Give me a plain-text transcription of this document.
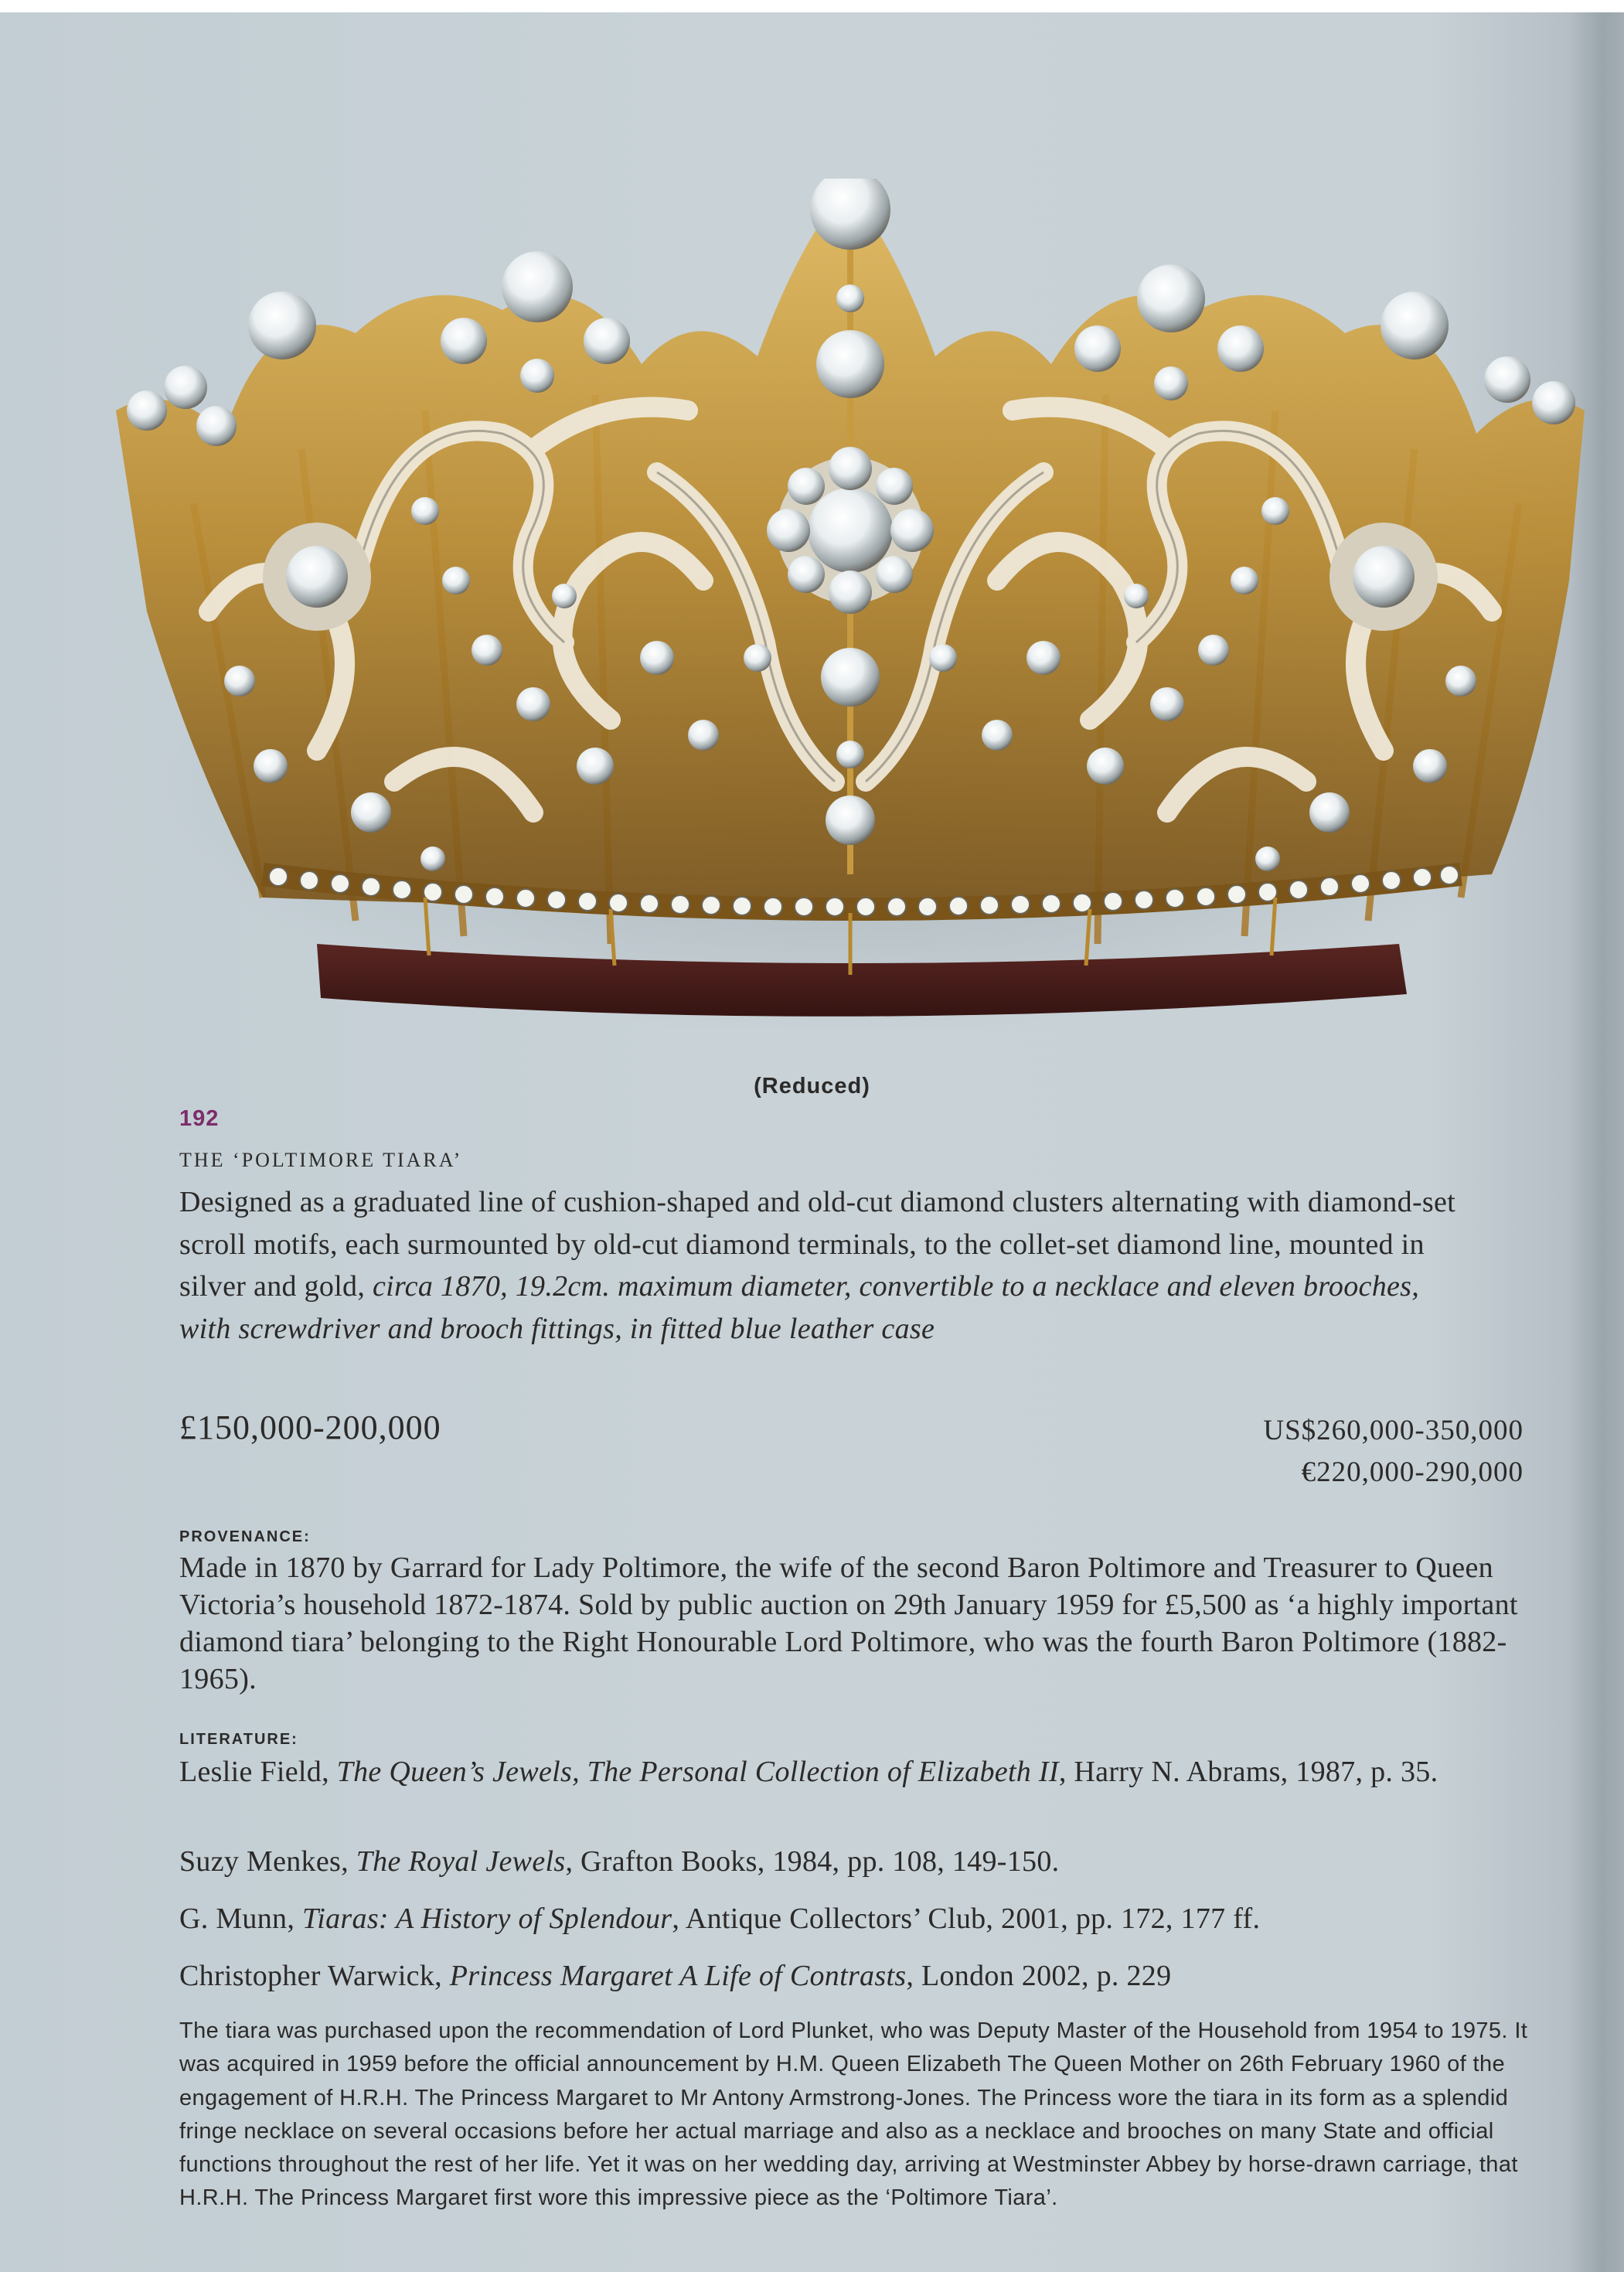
(Reduced)
192
THE ‘POLTIMORE TIARA’
Designed as a graduated line of cushion-shaped and old-cut diamond clusters alternating with diamond-set scroll motifs, each surmounted by old-cut diamond terminals, to the collet-set diamond line, mounted in silver and gold, circa 1870, 19.2cm. maximum diameter, convertible to a necklace and eleven brooches, with screwdriver and brooch fittings, in fitted blue leather case
£150,000-200,000	US$260,000-350,000
€220,000-290,000
PROVENANCE:
Made in 1870 by Garrard for Lady Poltimore, the wife of the second Baron Poltimore and Treasurer to Queen Victoria’s household 1872-1874. Sold by public auction on 29th January 1959 for £5,500 as ‘a highly important diamond tiara’ belonging to the Right Honourable Lord Poltimore, who was the fourth Baron Poltimore (1882-1965).
LITERATURE:
Leslie Field, The Queen’s Jewels, The Personal Collection of Elizabeth II, Harry N. Abrams, 1987, p. 35.
Suzy Menkes, The Royal Jewels, Grafton Books, 1984, pp. 108, 149-150.
G. Munn, Tiaras: A History of Splendour, Antique Collectors’ Club, 2001, pp. 172, 177 ff.
Christopher Warwick, Princess Margaret A Life of Contrasts, London 2002, p. 229
The tiara was purchased upon the recommendation of Lord Plunket, who was Deputy Master of the Household from 1954 to 1975. It was acquired in 1959 before the official announcement by H.M. Queen Elizabeth The Queen Mother on 26th February 1960 of the engagement of H.R.H. The Princess Margaret to Mr Antony Armstrong-Jones. The Princess wore the tiara in its form as a splendid fringe necklace on several occasions before her actual marriage and also as a necklace and brooches on many State and official functions throughout the rest of her life. Yet it was on her wedding day, arriving at Westminster Abbey by horse-drawn carriage, that H.R.H. The Princess Margaret first wore this impressive piece as the ‘Poltimore Tiara’.
